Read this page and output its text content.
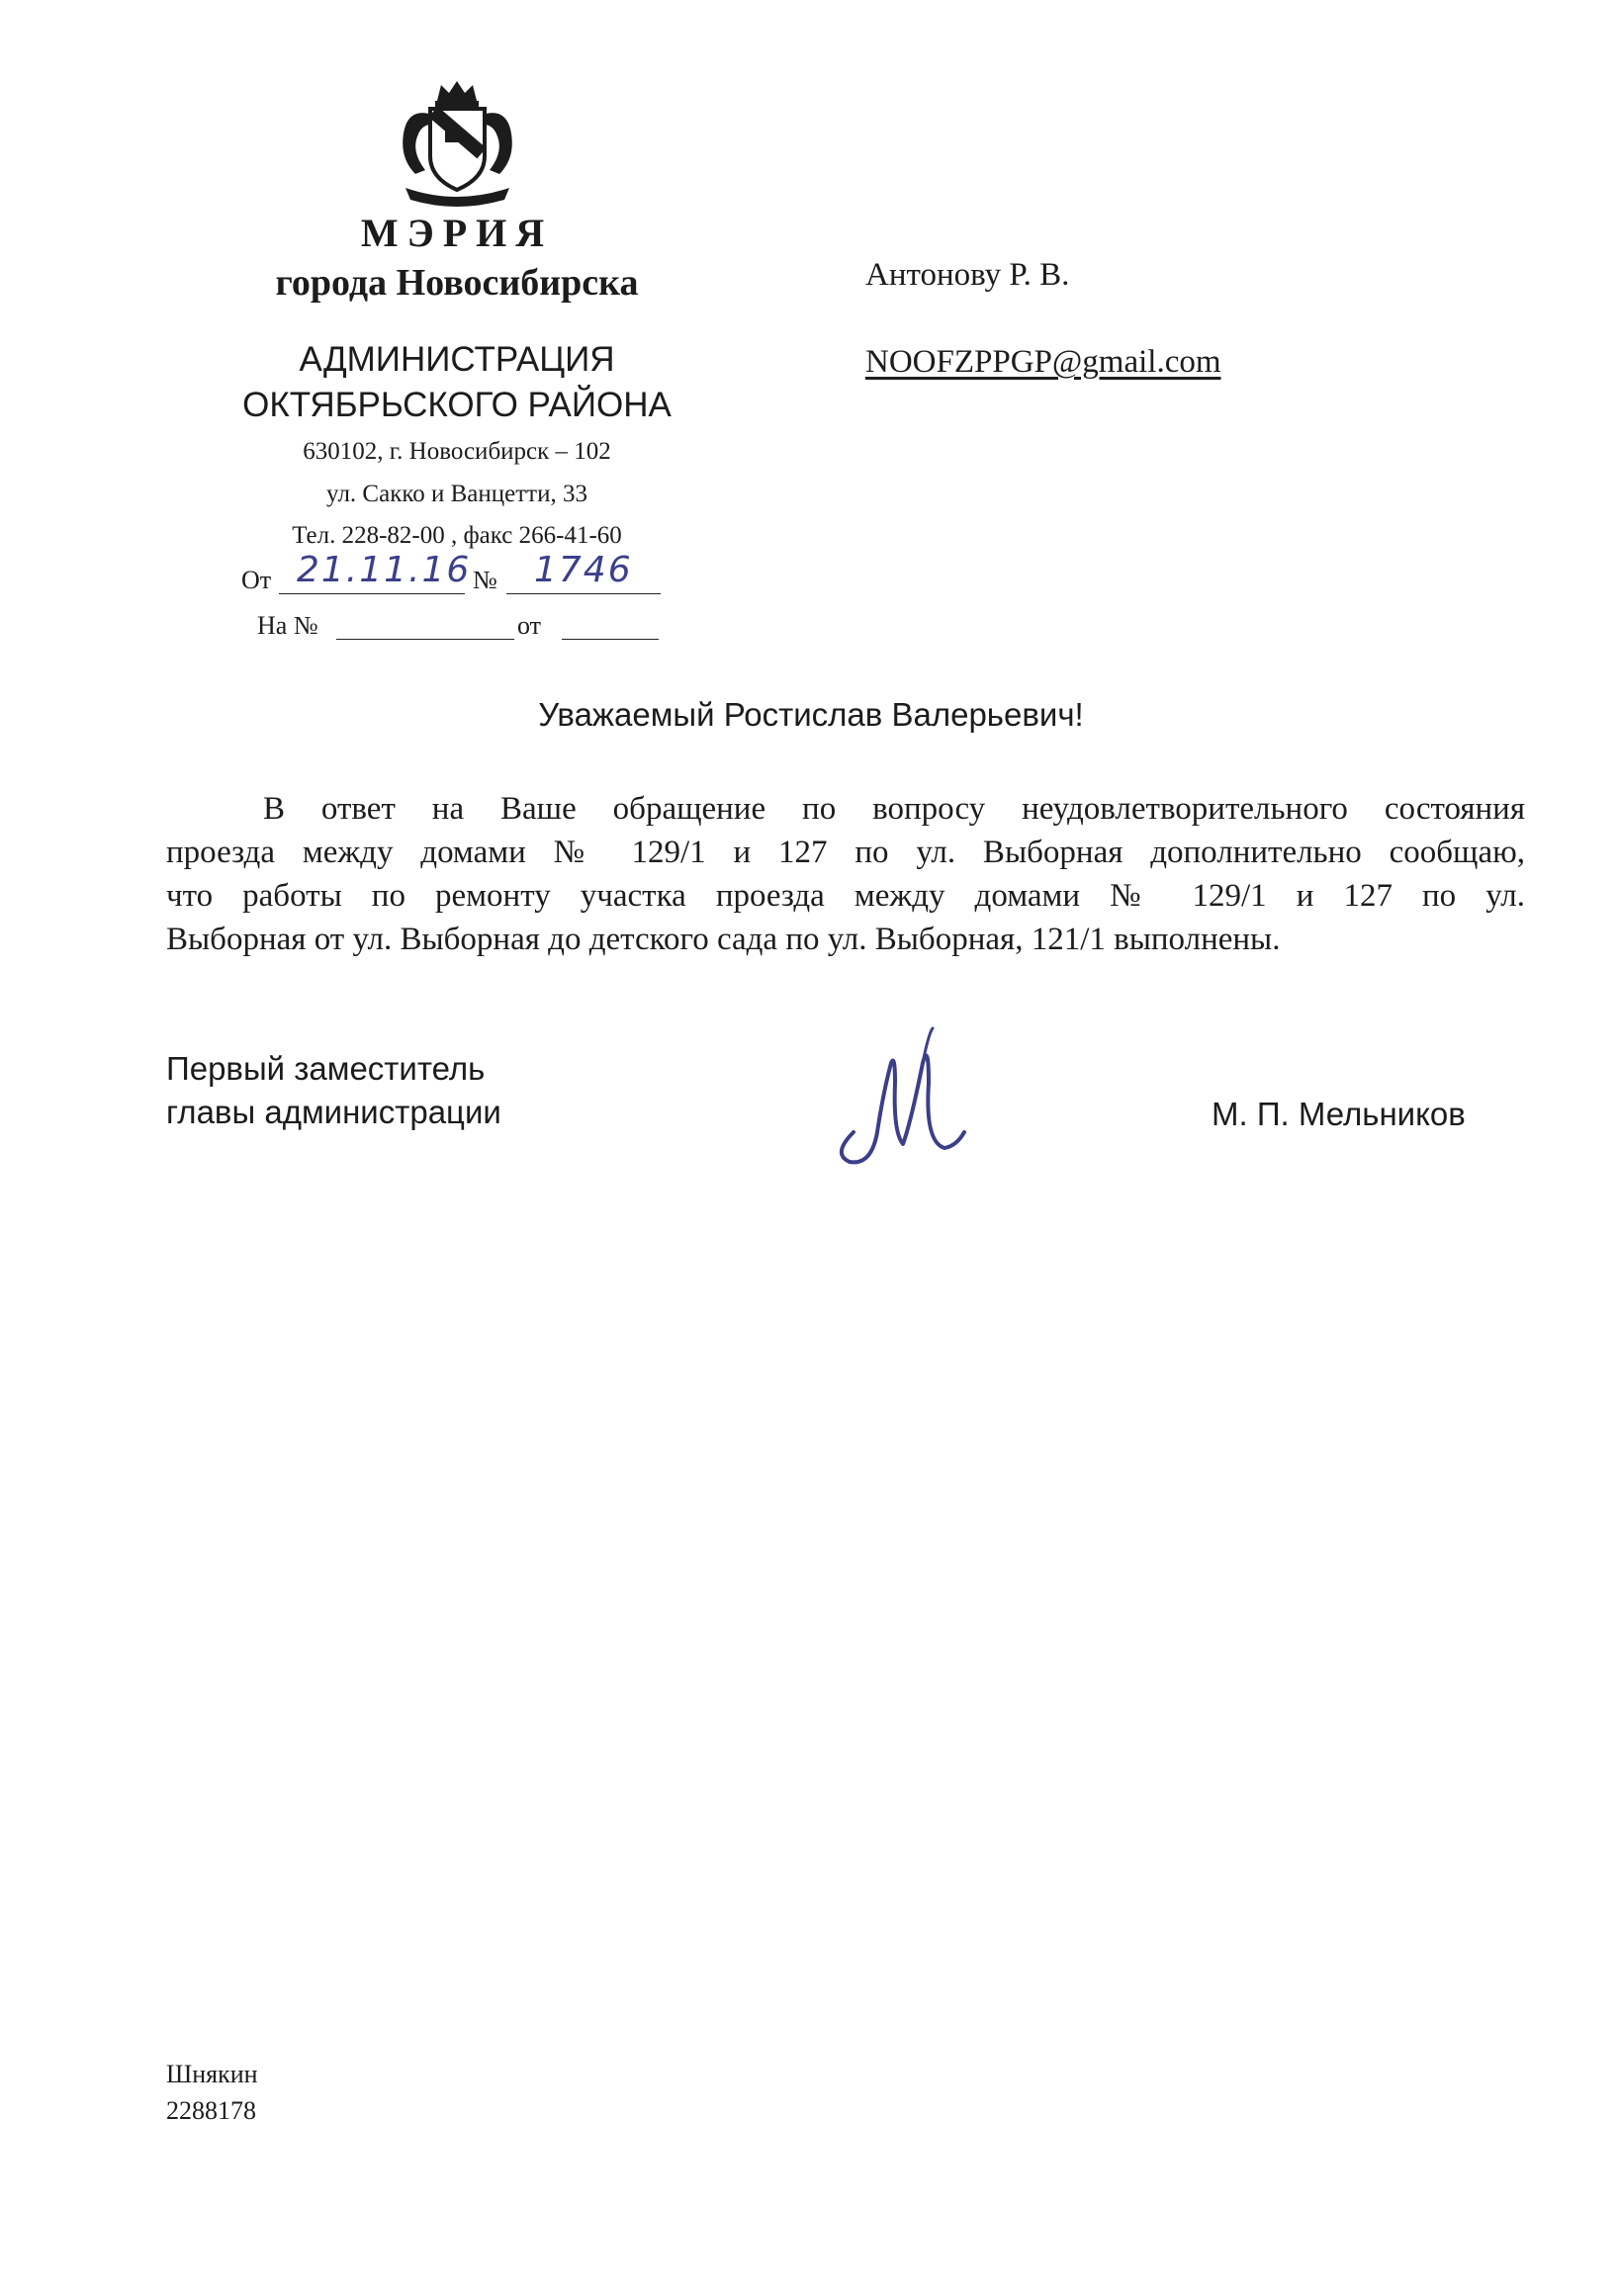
МЭРИЯ
города Новосибирска
АДМИНИСТРАЦИЯ
ОКТЯБРЬСКОГО РАЙОНА
630102, г. Новосибирск – 102
ул. Сакко и Ванцетти, 33
Тел. 228-82-00 , факс 266-41-60
От 21.11.16 № 1746
На №	от
Антонову Р. В.
NOOFZPPGP@gmail.com
Уважаемый Ростислав Валерьевич!
В ответ на Ваше обращение по вопросу неудовлетворительного состояния
проезда между домами № 129/1 и 127 по ул. Выборная дополнительно сообщаю,
что работы по ремонту участка проезда между домами № 129/1 и 127 по ул.
Выборная от ул. Выборная до детского сада по ул. Выборная, 121/1 выполнены.
Первый заместитель
главы администрации	М. П. Мельников
Шнякин
2288178
